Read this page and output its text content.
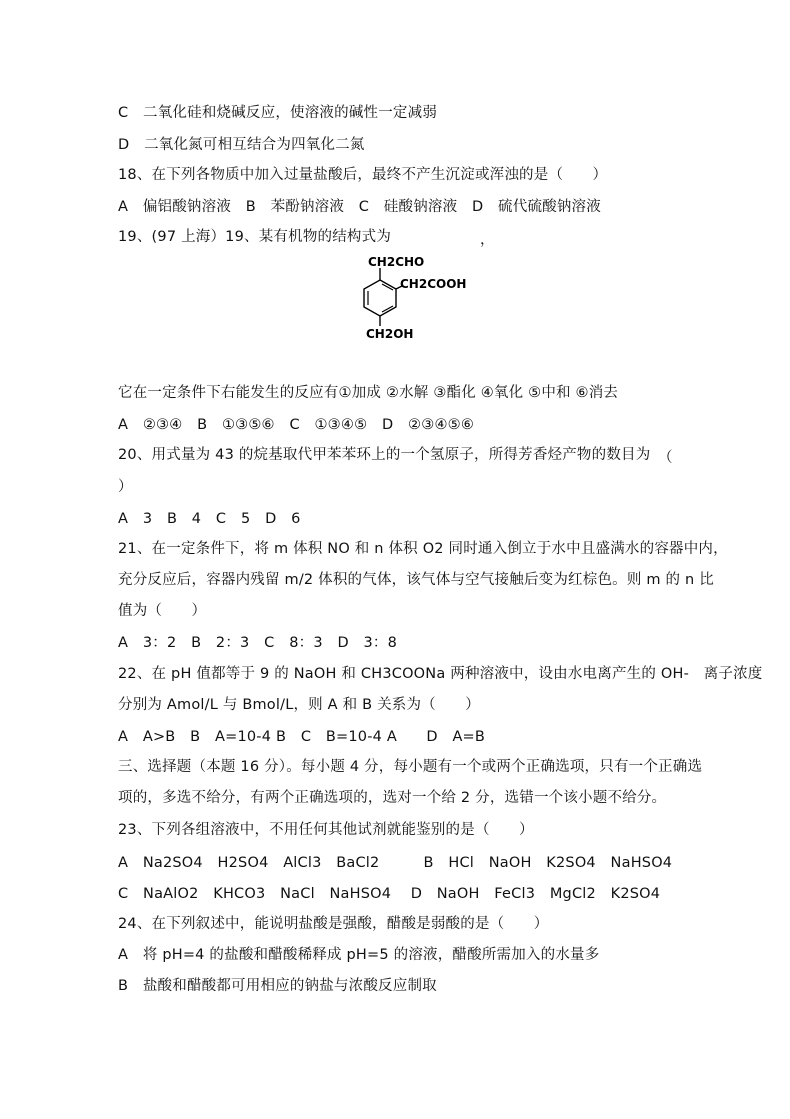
C　二氧化硅和烧碱反应，使溶液的碱性一定减弱
D　二氧化氮可相互结合为四氧化二氮
18、在下列各物质中加入过量盐酸后，最终不产生沉淀或浑浊的是（　　）
A　偏铝酸钠溶液　B　苯酚钠溶液　C　硅酸钠溶液　D　硫代硫酸钠溶液
19、(97 上海）19、某有机物的结构式为	，
CH2CHO
CH2COOH
CH2OH
它在一定条件下右能发生的反应有①加成 ②水解 ③酯化 ④氧化 ⑤中和 ⑥消去
A　②③④　B　①③⑤⑥　C　①③④⑤　D　②③④⑤⑥
20、用式量为 43 的烷基取代甲苯苯环上的一个氢原子，所得芳香烃产物的数目为 （
）
A　3　B　4　C　5　D　6
21、在一定条件下，将 m 体积 NO 和 n 体积 O2 同时通入倒立于水中且盛满水的容器中内，
充分反应后，容器内残留 m/2 体积的气体，该气体与空气接触后变为红棕色。则 m 的 n 比
值为（　　）
A　3：2　B　2：3　C　8：3　D　3：8
22、在 pH 值都等于 9 的 NaOH 和 CH3COONa 两种溶液中，设由水电离产生的 OH-　离子浓度
分别为 Amol/L 与 Bmol/L，则 A 和 B 关系为（　　）
A　A>B　B　A=10-4 B　C　B=10-4 A　　D　A=B
三、选择题（本题 16 分）。每小题 4 分，每小题有一个或两个正确选项，只有一个正确选
项的，多选不给分，有两个正确选项的，选对一个给 2 分，选错一个该小题不给分。
23、下列各组溶液中，不用任何其他试剂就能鉴别的是（　　）
A　Na2SO4　H2SO4　AlCl3　BaCl2　　　B　HCl　NaOH　K2SO4　NaHSO4
C　NaAlO2　KHCO3　NaCl　NaHSO4　 D　NaOH　FeCl3　MgCl2　K2SO4
24、在下列叙述中，能说明盐酸是强酸，醋酸是弱酸的是（　　）
A　将 pH=4 的盐酸和醋酸稀释成 pH=5 的溶液，醋酸所需加入的水量多
B　盐酸和醋酸都可用相应的钠盐与浓酸反应制取
